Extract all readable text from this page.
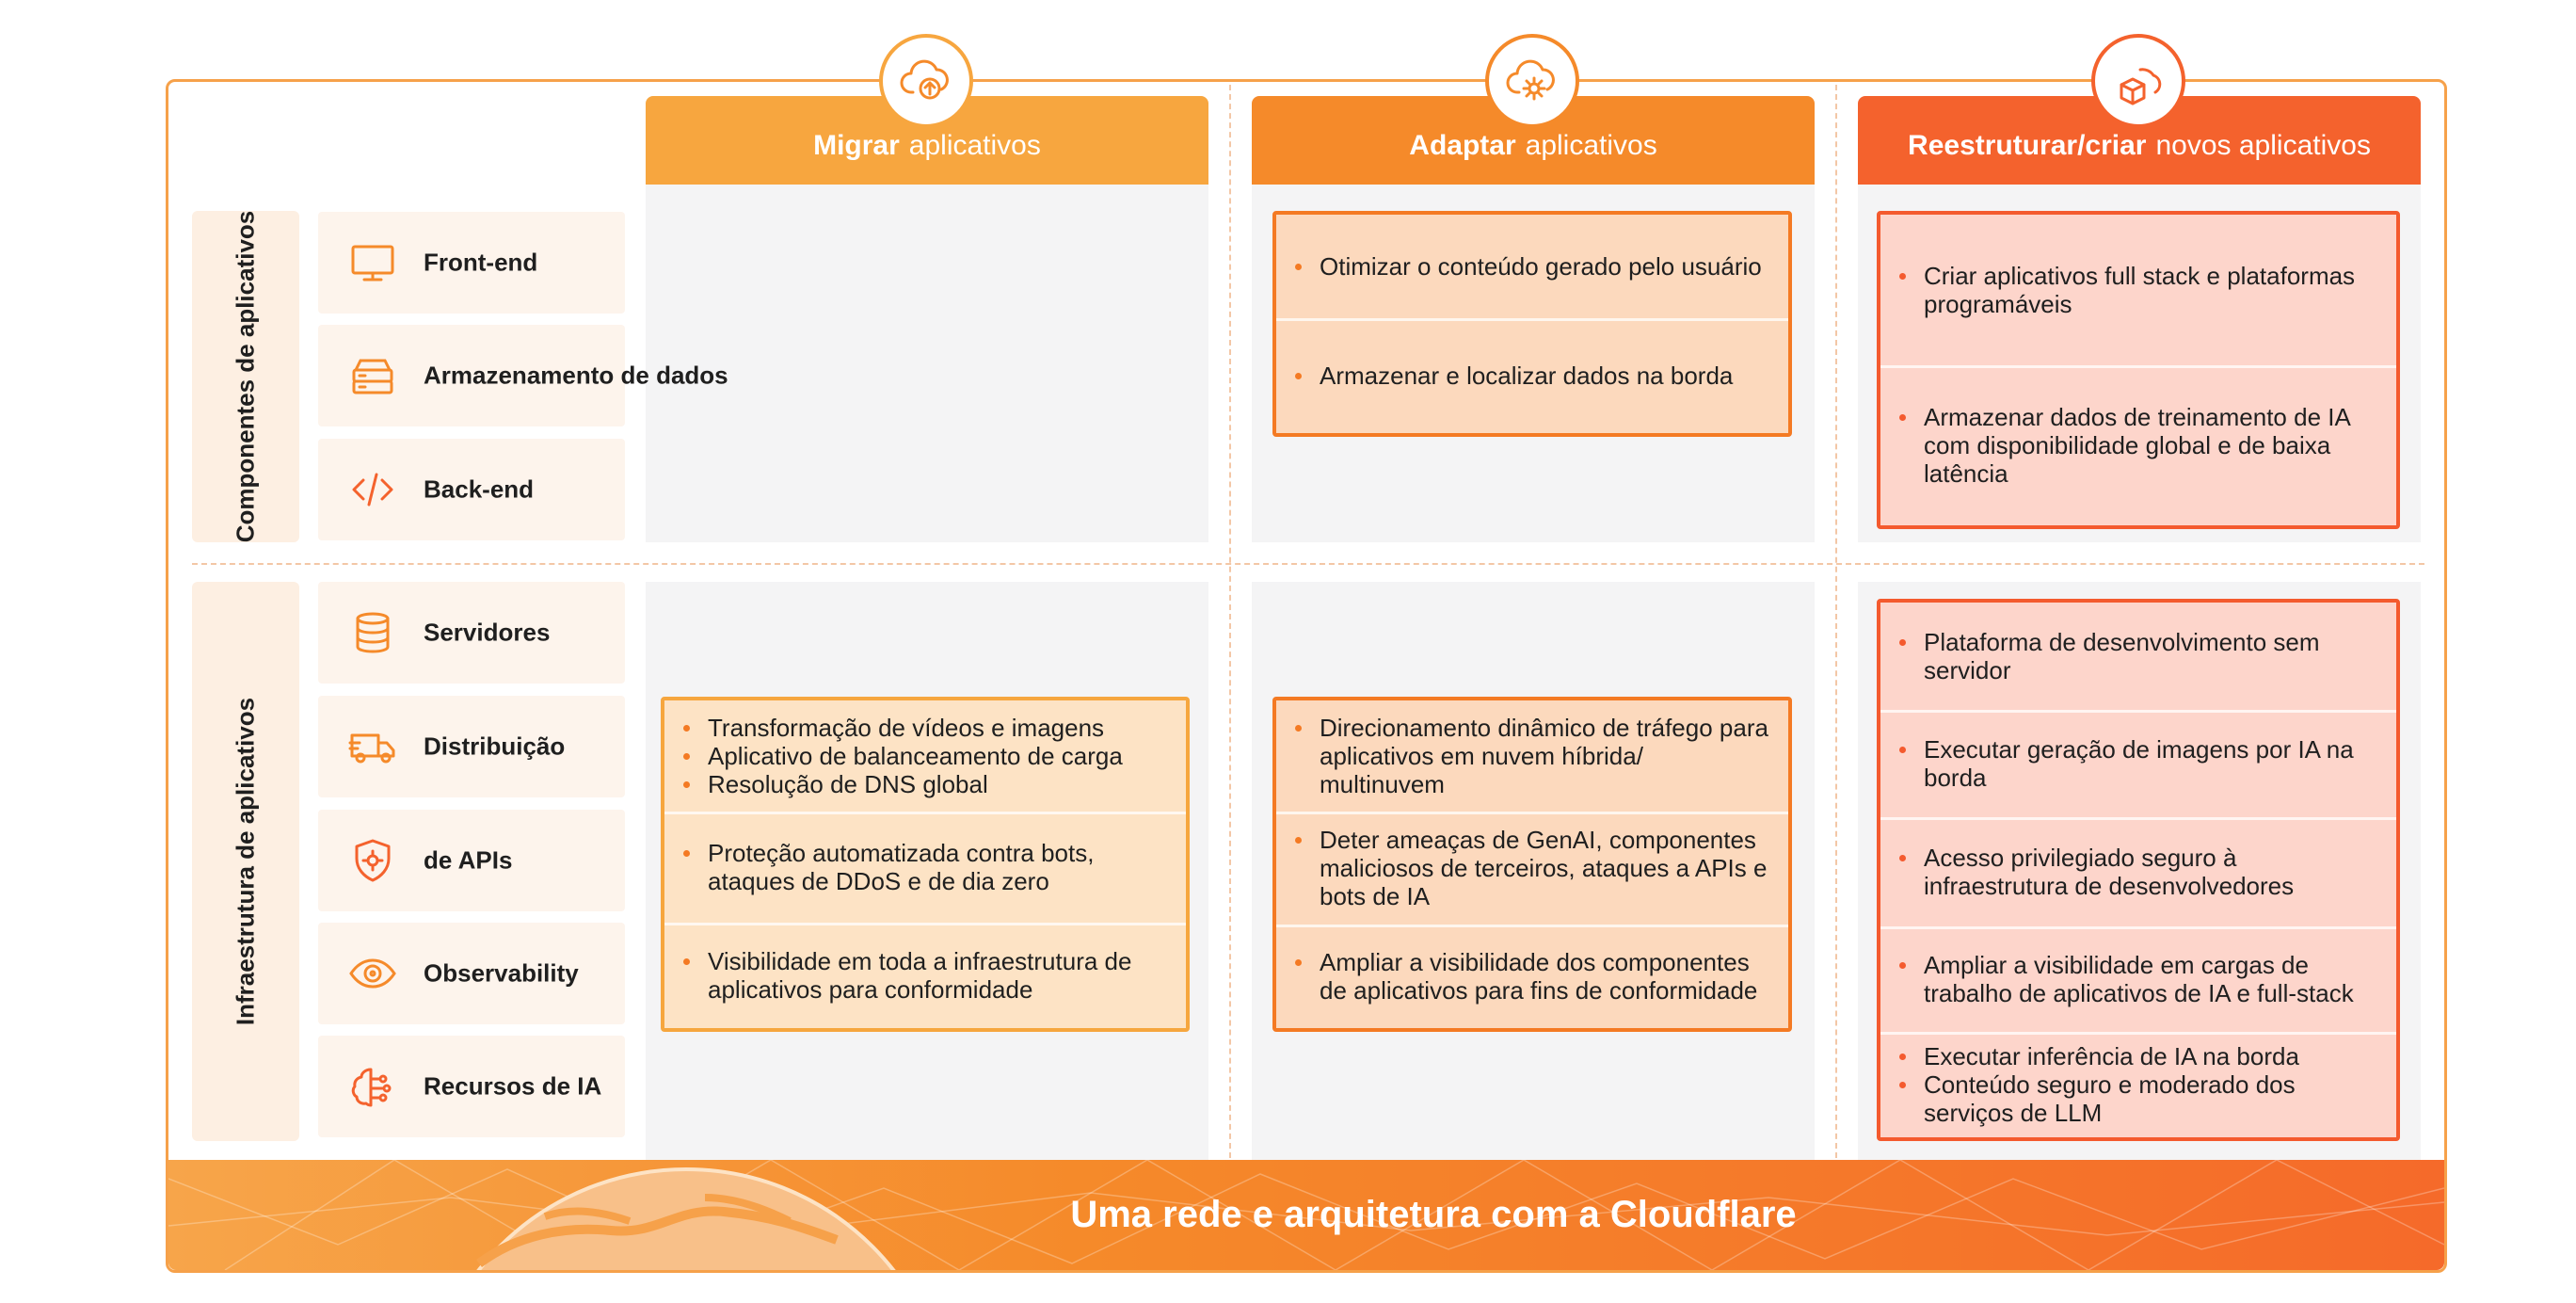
Migrar aplicativos	Adaptar aplicativos	Reestruturar/criar novos aplicativos
Componentes de aplicativos
Infraestrutura de aplicativos
Front-end
Armazenamento de dados
Back-end
Servidores
Distribuição
de APIs
Observability
Recursos de IA
Otimizar o conteúdo gerado pelo usuário
Armazenar e localizar dados na borda
Criar aplicativos full stack e plataformas programáveis
Armazenar dados de treinamento de IA com disponibilidade global e de baixa latência
Transformação de vídeos e imagens
Aplicativo de balanceamento de carga
Resolução de DNS global
Proteção automatizada contra bots, ataques de DDoS e de dia zero
Visibilidade em toda a infraestrutura de aplicativos para conformidade
Direcionamento dinâmico de tráfego para aplicativos em nuvem híbrida/ multinuvem
Deter ameaças de GenAI, componentes maliciosos de terceiros, ataques a APIs e bots de IA
Ampliar a visibilidade dos componentes de aplicativos para fins de conformidade
Plataforma de desenvolvimento sem servidor
Executar geração de imagens por IA na borda
Acesso privilegiado seguro à infraestrutura de desenvolvedores
Ampliar a visibilidade em cargas de trabalho de aplicativos de IA e full-stack
Executar inferência de IA na borda
Conteúdo seguro e moderado dos serviços de LLM
Uma rede e arquitetura com a Cloudflare
